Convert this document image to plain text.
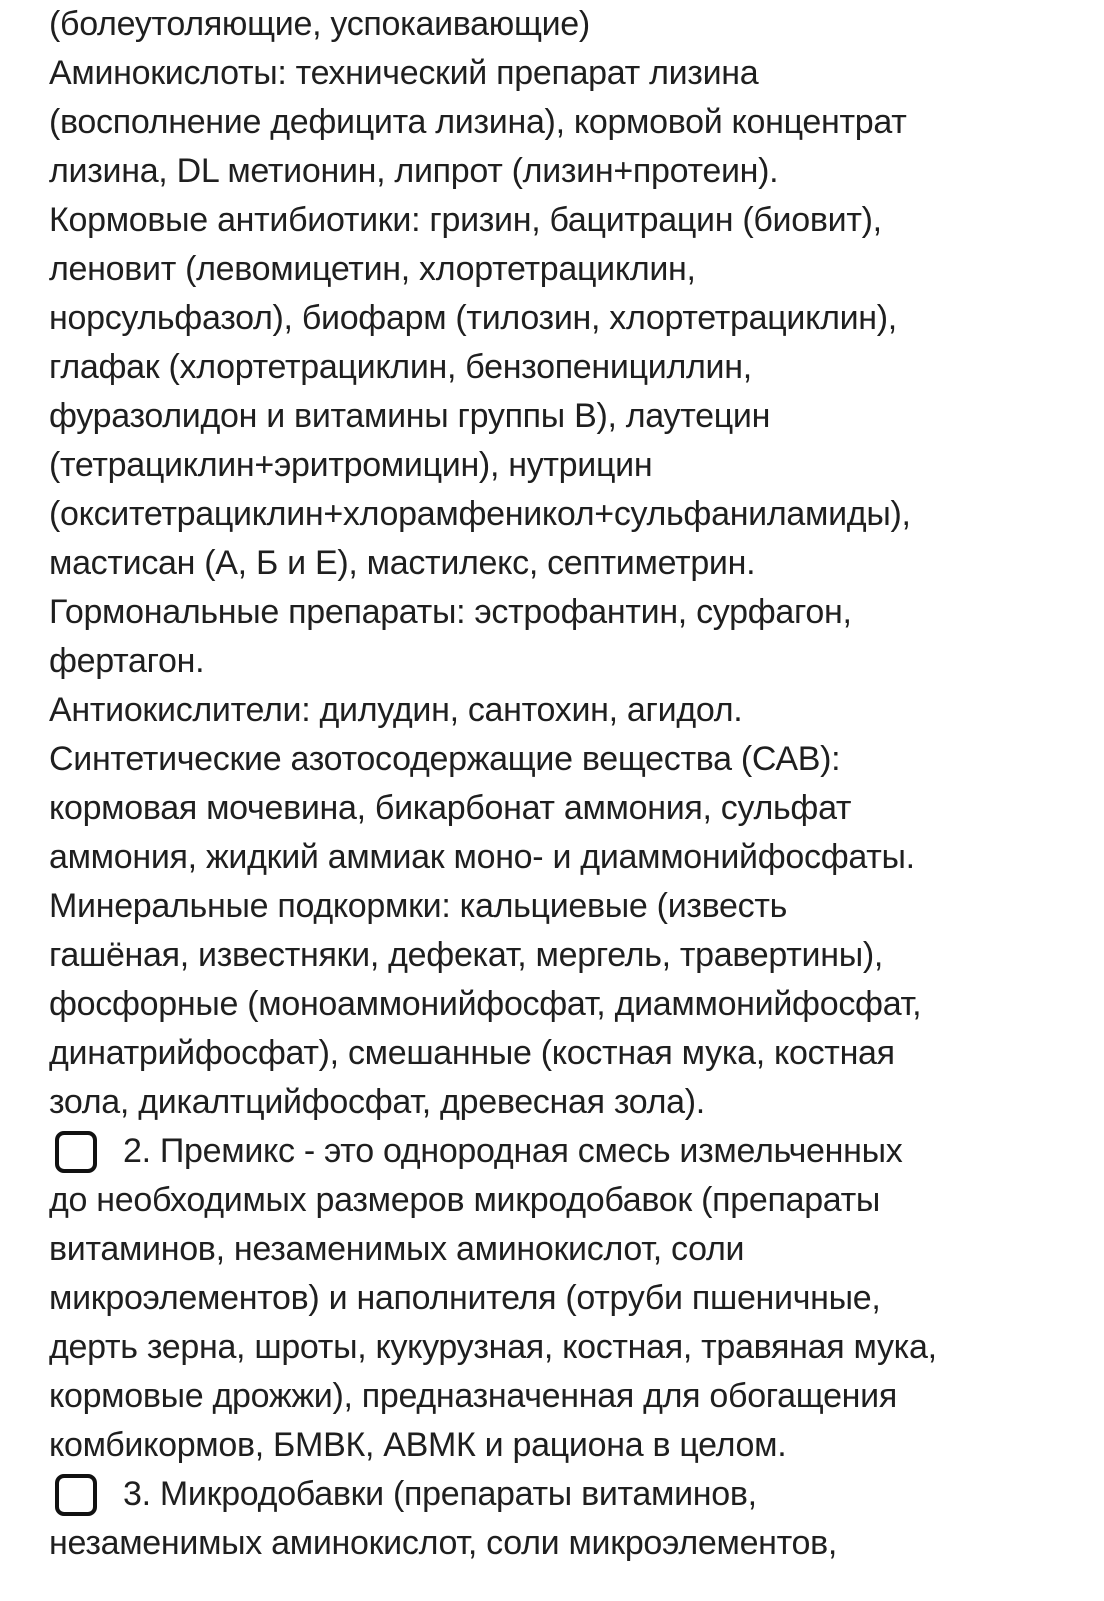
(болеутоляющие, успокаивающие)
Аминокислоты: технический препарат лизина
(восполнение дефицита лизина), кормовой концентрат
лизина, DL метионин, липрот (лизин+протеин).
Кормовые антибиотики: гризин, бацитрацин (биовит),
леновит (левомицетин, хлортетрациклин,
норсульфазол), биофарм (тилозин, хлортетрациклин),
глафак (хлортетрациклин, бензопенициллин,
фуразолидон и витамины группы В), лаутецин
(тетрациклин+эритромицин), нутрицин
(окситетрациклин+хлорамфеникол+сульфаниламиды),
мастисан (А, Б и Е), мастилекс, септиметрин.
Гормональные препараты: эстрофантин, сурфагон,
фертагон.
Антиокислители: дилудин, сантохин, агидол.
Синтетические азотосодержащие вещества (САВ):
кормовая мочевина, бикарбонат аммония, сульфат
аммония, жидкий аммиак моно- и диаммонийфосфаты.
Минеральные подкормки: кальциевые (известь
гашёная, известняки, дефекат, мергель, травертины),
фосфорные (моноаммонийфосфат, диаммонийфосфат,
динатрийфосфат), смешанные (костная мука, костная
зола, дикалтцийфосфат, древесная зола).
2. Премикс - это однородная смесь измельченных
до необходимых размеров микродобавок (препараты
витаминов, незаменимых аминокислот, соли
микроэлементов) и наполнителя (отруби пшеничные,
дерть зерна, шроты, кукурузная, костная, травяная мука,
кормовые дрожжи), предназначенная для обогащения
комбикормов, БМВК, АВМК и рациона в целом.
3. Микродобавки (препараты витаминов,
незаменимых аминокислот, соли микроэлементов,
